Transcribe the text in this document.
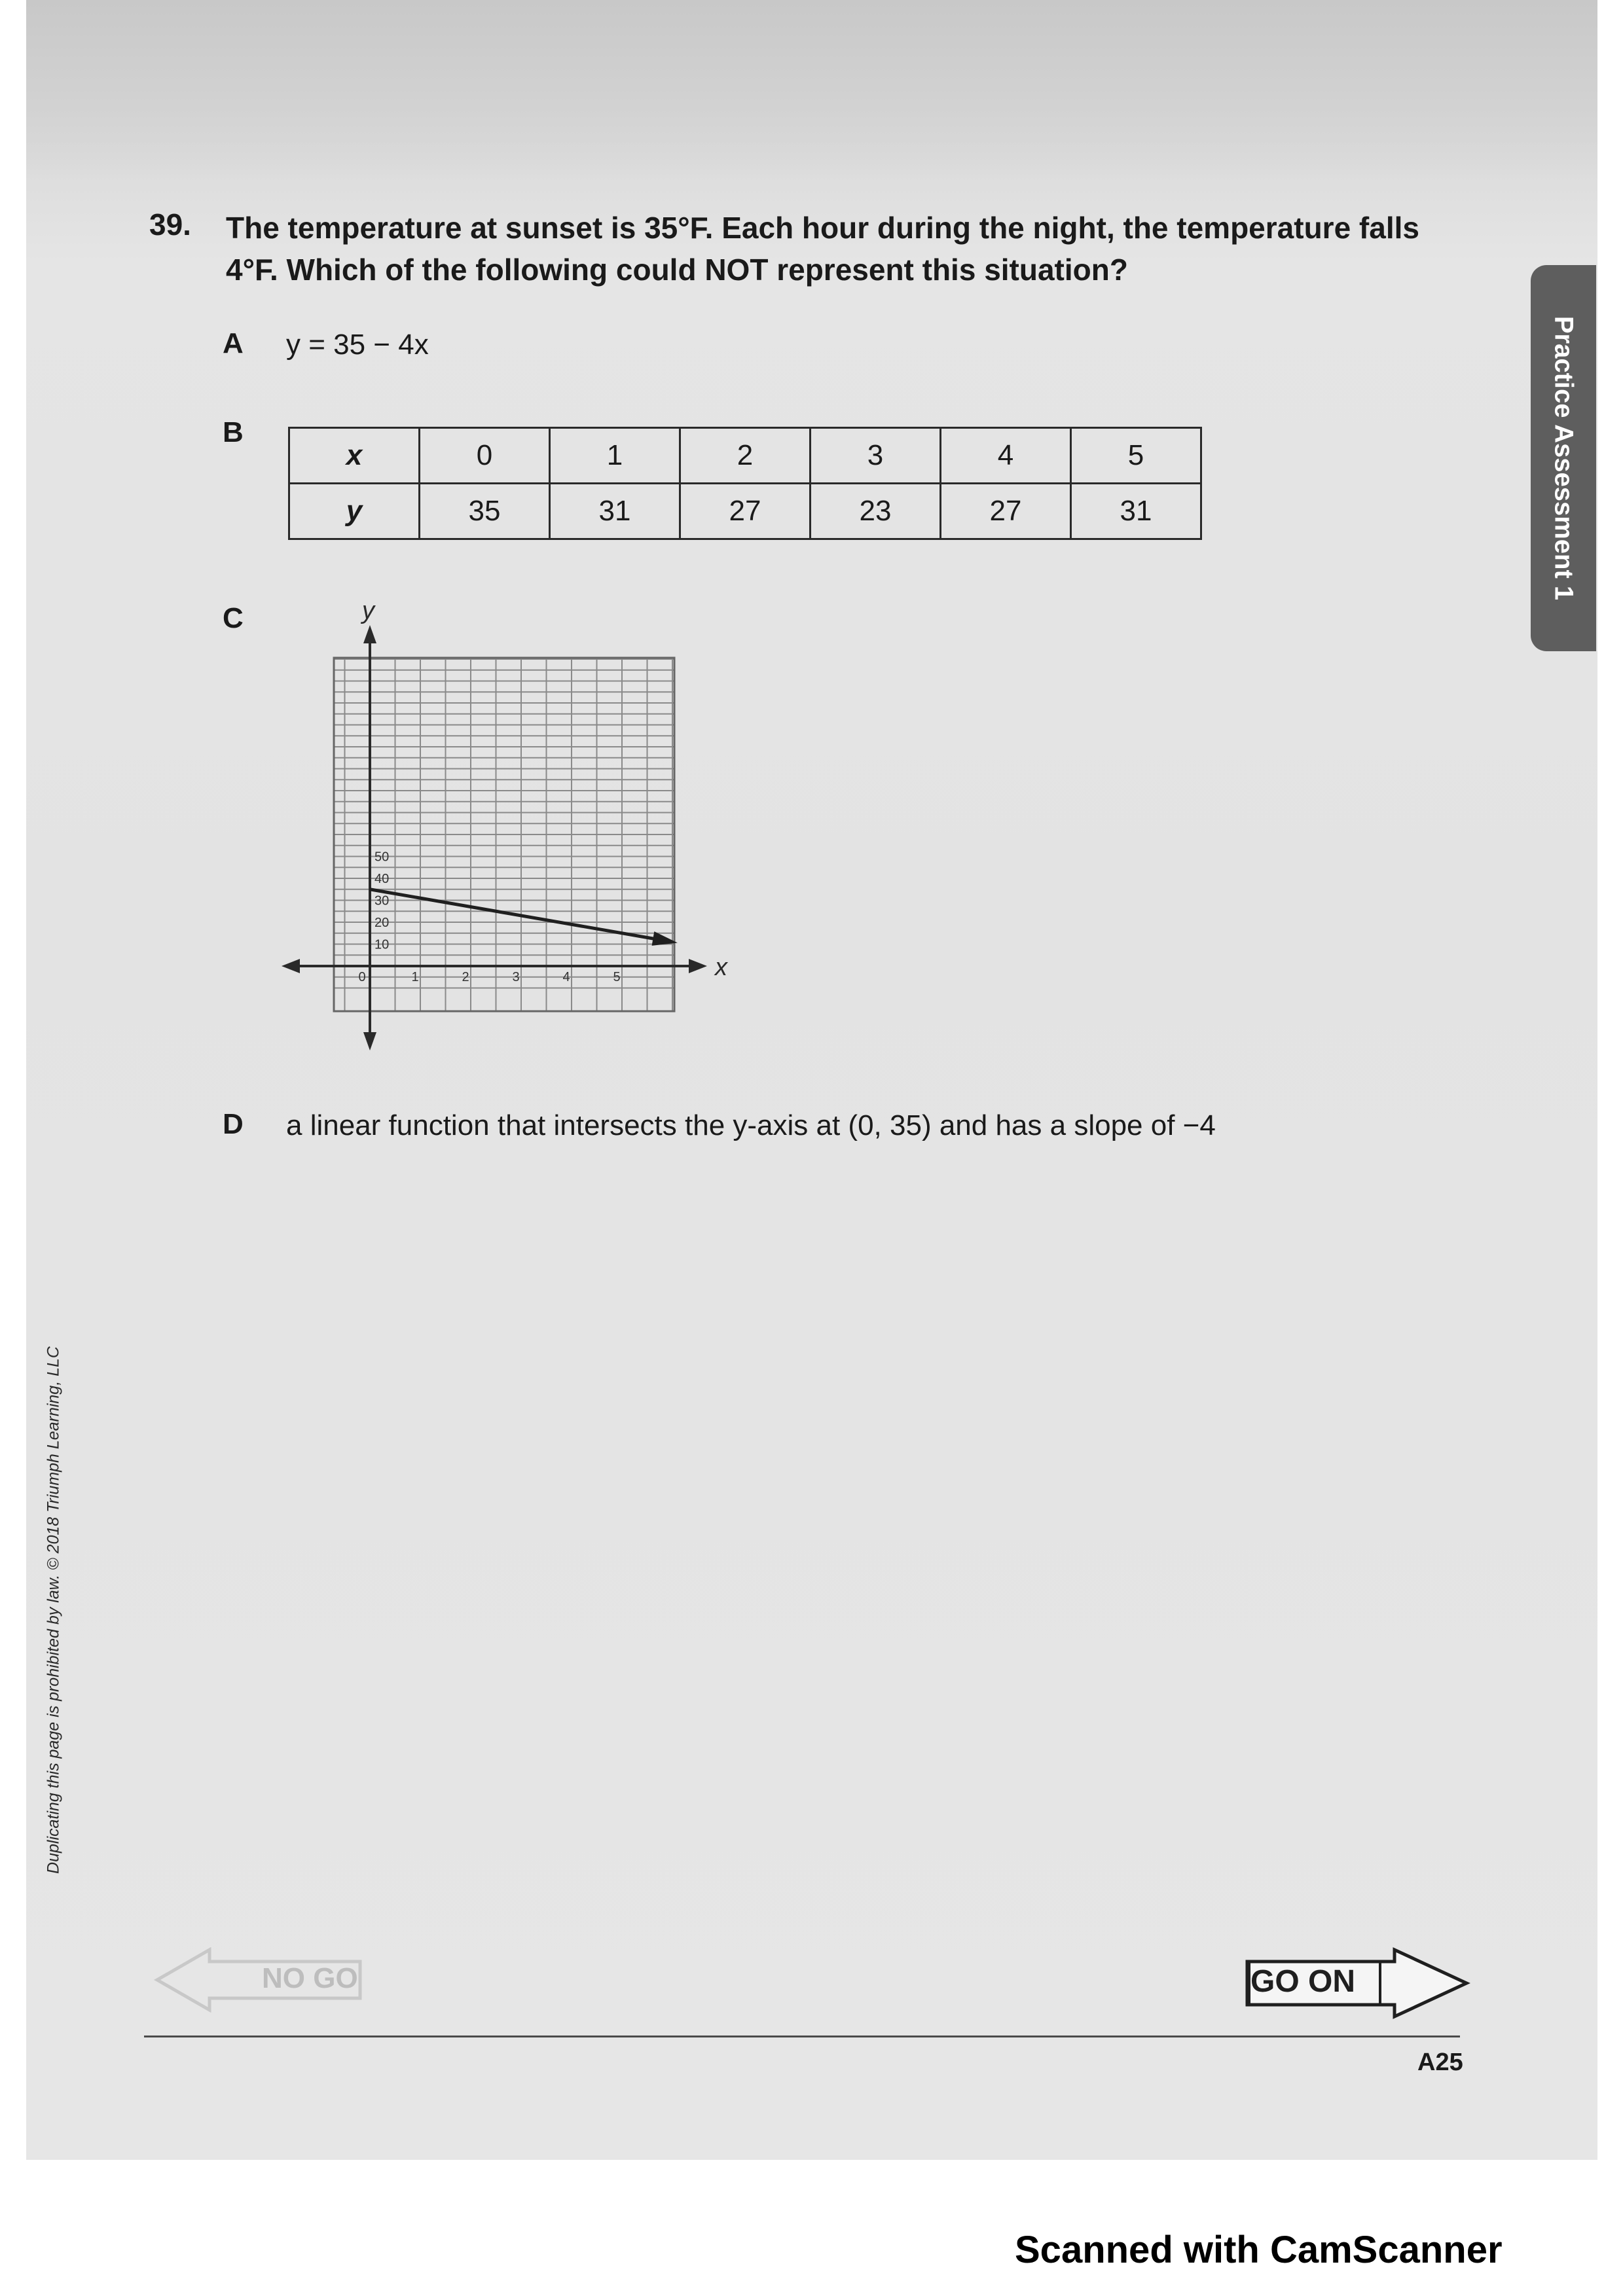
39. The temperature at sunset is 35°F. Each hour during the night, the temperature falls 4°F. Which of the following could NOT represent this situation?
A y = 35 − 4x
B
x	0	1	2	3	4	5
y	35	31	27	23	27	31
C
x
y
0	1	2	3	4	5
10
20
30
40
50
D a linear function that intersects the y-axis at (0, 35) and has a slope of −4
NO GO	GO ON
A25
Practice Assessment 1
Duplicating this page is prohibited by law. © 2018 Triumph Learning, LLC
Scanned with CamScanner
